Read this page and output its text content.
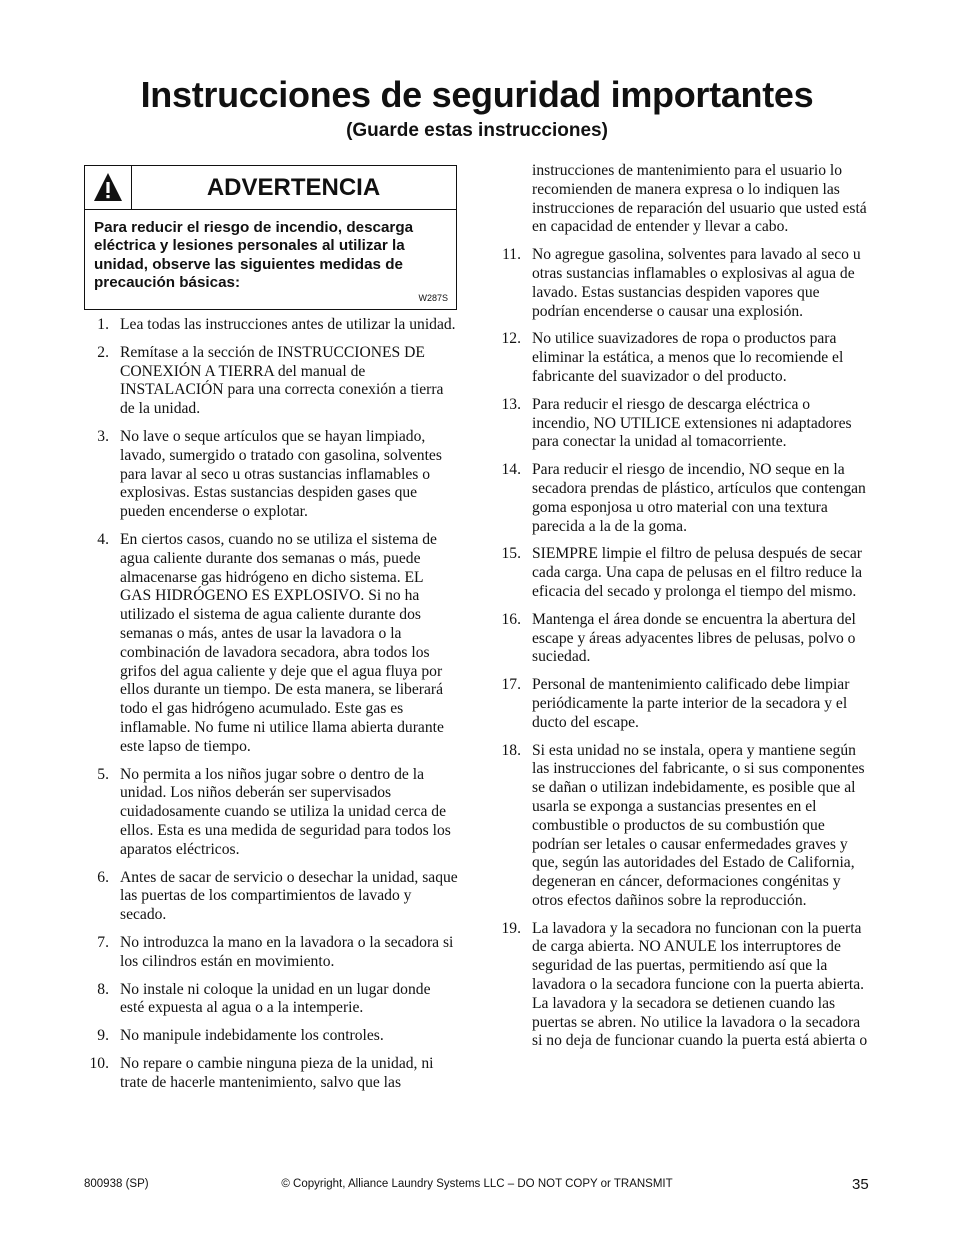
Instrucciones de seguridad importantes
(Guarde estas instrucciones)
ADVERTENCIA
Para reducir el riesgo de incendio, descarga eléctrica y lesiones personales al utilizar la unidad, observe las siguientes medidas de precaución básicas:
W287S
1. Lea todas las instrucciones antes de utilizar la unidad.
2. Remítase a la sección de INSTRUCCIONES DE CONEXIÓN A TIERRA del manual de INSTALACIÓN para una correcta conexión a tierra de la unidad.
3. No lave o seque artículos que se hayan limpiado, lavado, sumergido o tratado con gasolina, solventes para lavar al seco u otras sustancias inflamables o explosivas. Estas sustancias despiden gases que pueden encenderse o explotar.
4. En ciertos casos, cuando no se utiliza el sistema de agua caliente durante dos semanas o más, puede almacenarse gas hidrógeno en dicho sistema. EL GAS HIDRÓGENO ES EXPLOSIVO. Si no ha utilizado el sistema de agua caliente durante dos semanas o más, antes de usar la lavadora o la combinación de lavadora secadora, abra todos los grifos del agua caliente y deje que el agua fluya por ellos durante un tiempo. De esta manera, se liberará todo el gas hidrógeno acumulado. Este gas es inflamable. No fume ni utilice llama abierta durante este lapso de tiempo.
5. No permita a los niños jugar sobre o dentro de la unidad. Los niños deberán ser supervisados cuidadosamente cuando se utiliza la unidad cerca de ellos. Esta es una medida de seguridad para todos los aparatos eléctricos.
6. Antes de sacar de servicio o desechar la unidad, saque las puertas de los compartimientos de lavado y secado.
7. No introduzca la mano en la lavadora o la secadora si los cilindros están en movimiento.
8. No instale ni coloque la unidad en un lugar donde esté expuesta al agua o a la intemperie.
9. No manipule indebidamente los controles.
10. No repare o cambie ninguna pieza de la unidad, ni trate de hacerle mantenimiento, salvo que las
instrucciones de mantenimiento para el usuario lo recomienden de manera expresa o lo indiquen las instrucciones de reparación del usuario que usted está en capacidad de entender y llevar a cabo.
11. No agregue gasolina, solventes para lavado al seco u otras sustancias inflamables o explosivas al agua de lavado. Estas sustancias despiden vapores que podrían encenderse o causar una explosión.
12. No utilice suavizadores de ropa o productos para eliminar la estática, a menos que lo recomiende el fabricante del suavizador o del producto.
13. Para reducir el riesgo de descarga eléctrica o incendio, NO UTILICE extensiones ni adaptadores para conectar la unidad al tomacorriente.
14. Para reducir el riesgo de incendio, NO seque en la secadora prendas de plástico, artículos que contengan goma esponjosa u otro material con una textura parecida a la de la goma.
15. SIEMPRE limpie el filtro de pelusa después de secar cada carga. Una capa de pelusas en el filtro reduce la eficacia del secado y prolonga el tiempo del mismo.
16. Mantenga el área donde se encuentra la abertura del escape y áreas adyacentes libres de pelusas, polvo o suciedad.
17. Personal de mantenimiento calificado debe limpiar periódicamente la parte interior de la secadora y el ducto del escape.
18. Si esta unidad no se instala, opera y mantiene según las instrucciones del fabricante, o si sus componentes se dañan o utilizan indebidamente, es posible que al usarla se exponga a sustancias presentes en el combustible o productos de su combustión que podrían ser letales o causar enfermedades graves y que, según las autoridades del Estado de California, degeneran en cáncer, deformaciones congénitas y otros efectos dañinos sobre la reproducción.
19. La lavadora y la secadora no funcionan con la puerta de carga abierta. NO ANULE los interruptores de seguridad de las puertas, permitiendo así que la lavadora o la secadora funcione con la puerta abierta. La lavadora y la secadora se detienen cuando las puertas se abren. No utilice la lavadora o la secadora si no deja de funcionar cuando la puerta está abierta o
800938 (SP)	© Copyright, Alliance Laundry Systems LLC – DO NOT COPY or TRANSMIT	35
